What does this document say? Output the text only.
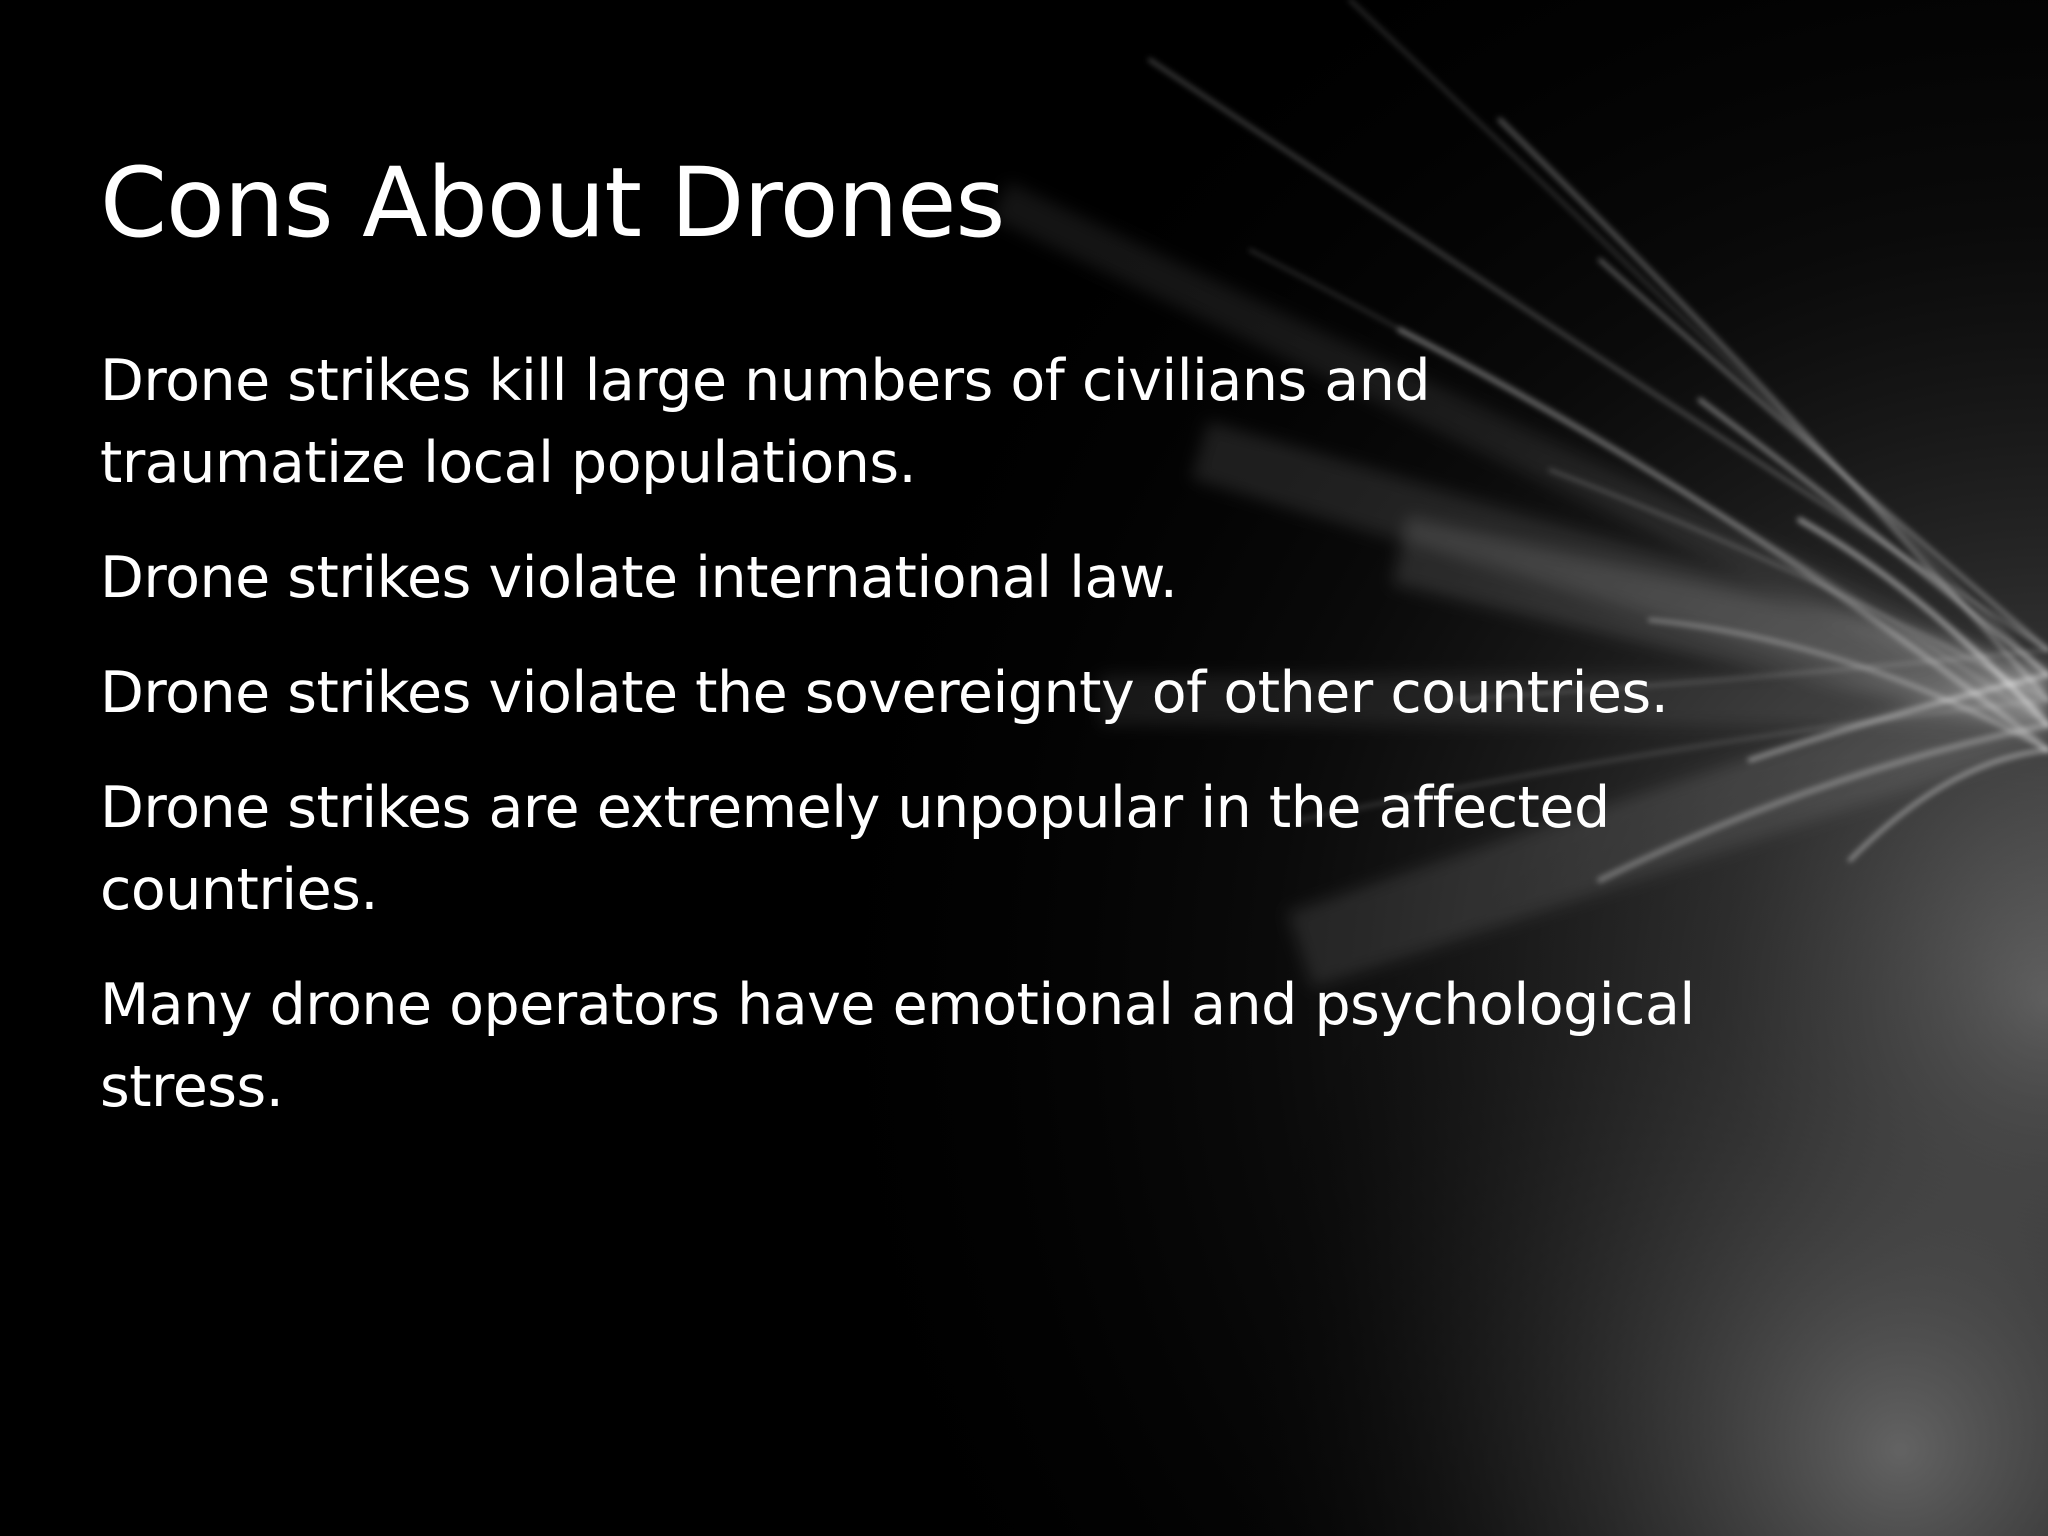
Cons About Drones
Drone strikes kill large numbers of civilians and
traumatize local populations.
Drone strikes violate international law.
Drone strikes violate the sovereignty of other countries.
Drone strikes are extremely unpopular in the affected
countries.
Many drone operators have emotional and psychological
stress.
